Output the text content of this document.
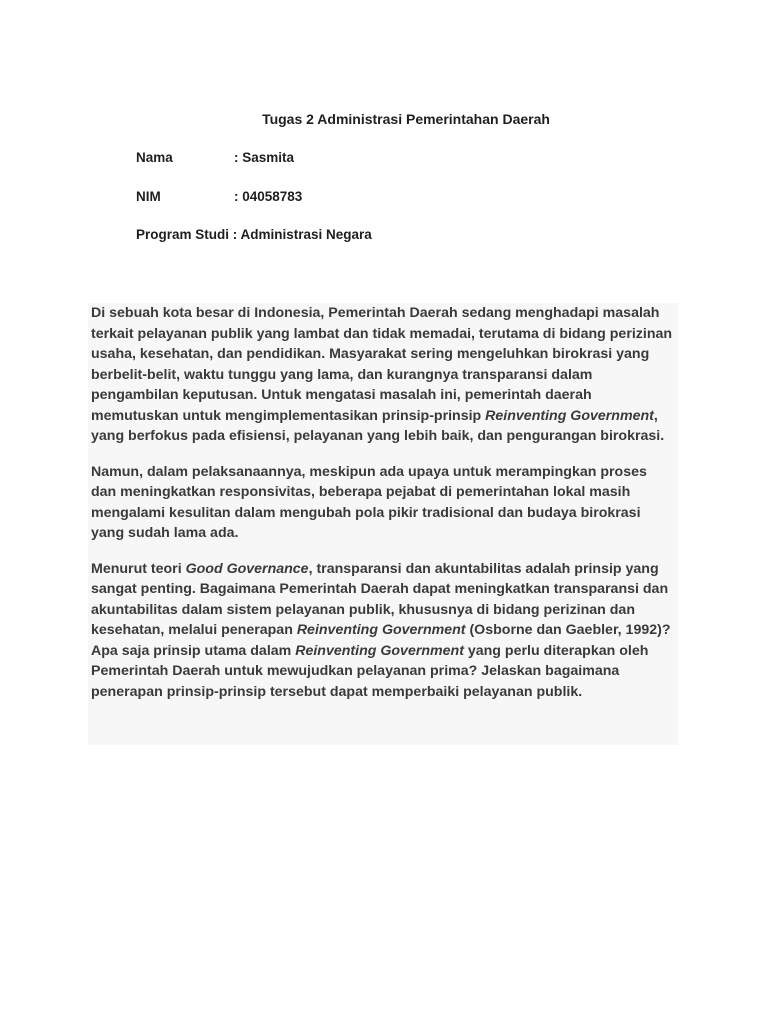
Tugas 2 Administrasi Pemerintahan Daerah
Nama	: Sasmita
NIM	: 04058783
Program Studi : Administrasi Negara

Di sebuah kota besar di Indonesia, Pemerintah Daerah sedang menghadapi masalah terkait pelayanan publik yang lambat dan tidak memadai, terutama di bidang perizinan usaha, kesehatan, dan pendidikan. Masyarakat sering mengeluhkan birokrasi yang berbelit-belit, waktu tunggu yang lama, dan kurangnya transparansi dalam pengambilan keputusan. Untuk mengatasi masalah ini, pemerintah daerah memutuskan untuk mengimplementasikan prinsip-prinsip Reinventing Government, yang berfokus pada efisiensi, pelayanan yang lebih baik, dan pengurangan birokrasi.

Namun, dalam pelaksanaannya, meskipun ada upaya untuk merampingkan proses dan meningkatkan responsivitas, beberapa pejabat di pemerintahan lokal masih mengalami kesulitan dalam mengubah pola pikir tradisional dan budaya birokrasi yang sudah lama ada.

Menurut teori Good Governance, transparansi dan akuntabilitas adalah prinsip yang sangat penting. Bagaimana Pemerintah Daerah dapat meningkatkan transparansi dan akuntabilitas dalam sistem pelayanan publik, khususnya di bidang perizinan dan kesehatan, melalui penerapan Reinventing Government (Osborne dan Gaebler, 1992)? Apa saja prinsip utama dalam Reinventing Government yang perlu diterapkan oleh Pemerintah Daerah untuk mewujudkan pelayanan prima? Jelaskan bagaimana penerapan prinsip-prinsip tersebut dapat memperbaiki pelayanan publik.
